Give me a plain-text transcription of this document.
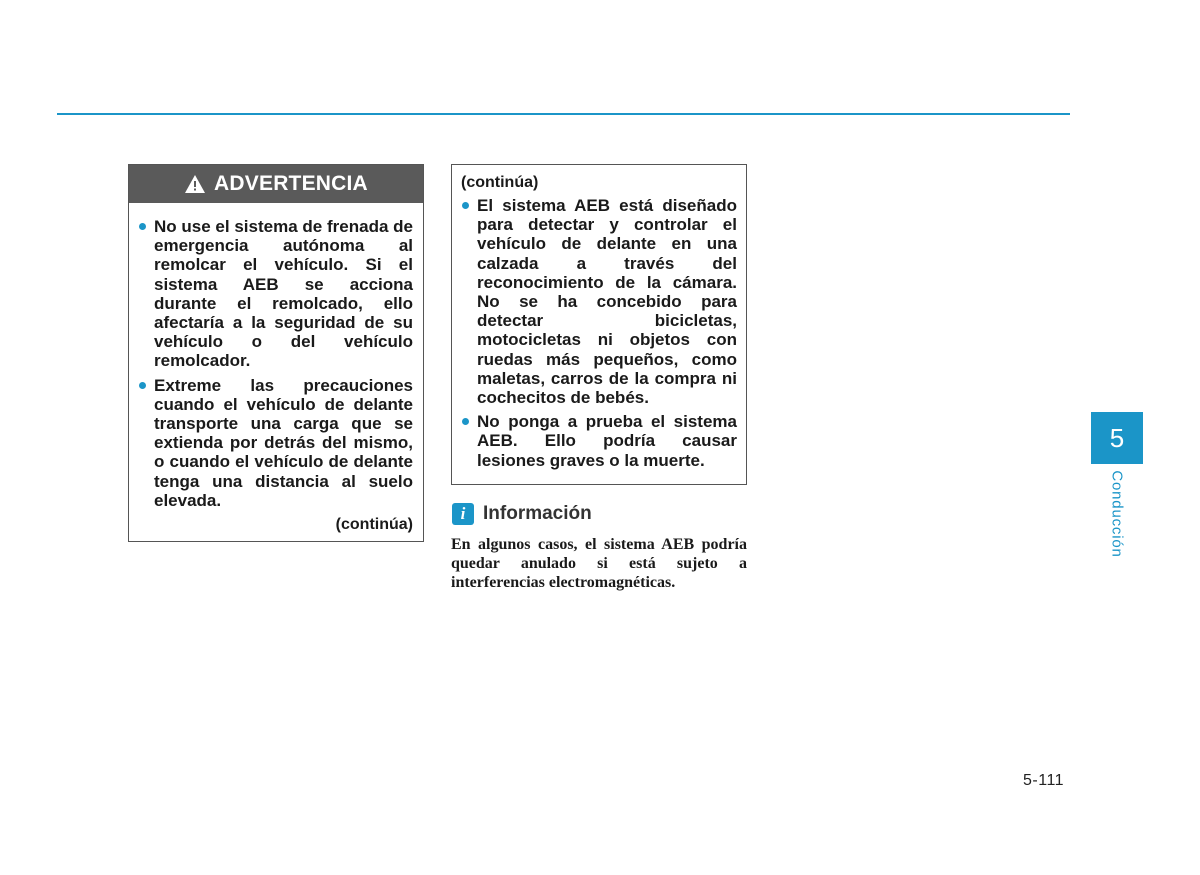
ADVERTENCIA
No use el sistema de frenada de emergencia autónoma al remolcar el vehículo. Si el sistema AEB se acciona durante el remolcado, ello afectaría a la seguridad de su vehículo o del vehículo remolcador.
Extreme las precauciones cuando el vehículo de delante transporte una carga que se extienda por detrás del mismo, o cuando el vehículo de delante tenga una distancia al suelo elevada.
(continúa)
(continúa)
El sistema AEB está diseñado para detectar y controlar el vehículo de delante en una calzada a través del reconocimiento de la cámara. No se ha concebido para detectar bicicletas, motocicletas ni objetos con ruedas más pequeños, como maletas, carros de la compra ni cochecitos de bebés.
No ponga a prueba el sistema AEB. Ello podría causar lesiones graves o la muerte.
i Información
En algunos casos, el sistema AEB podría quedar anulado si está sujeto a interferencias electromagnéticas.
5
Conducción
5-111
